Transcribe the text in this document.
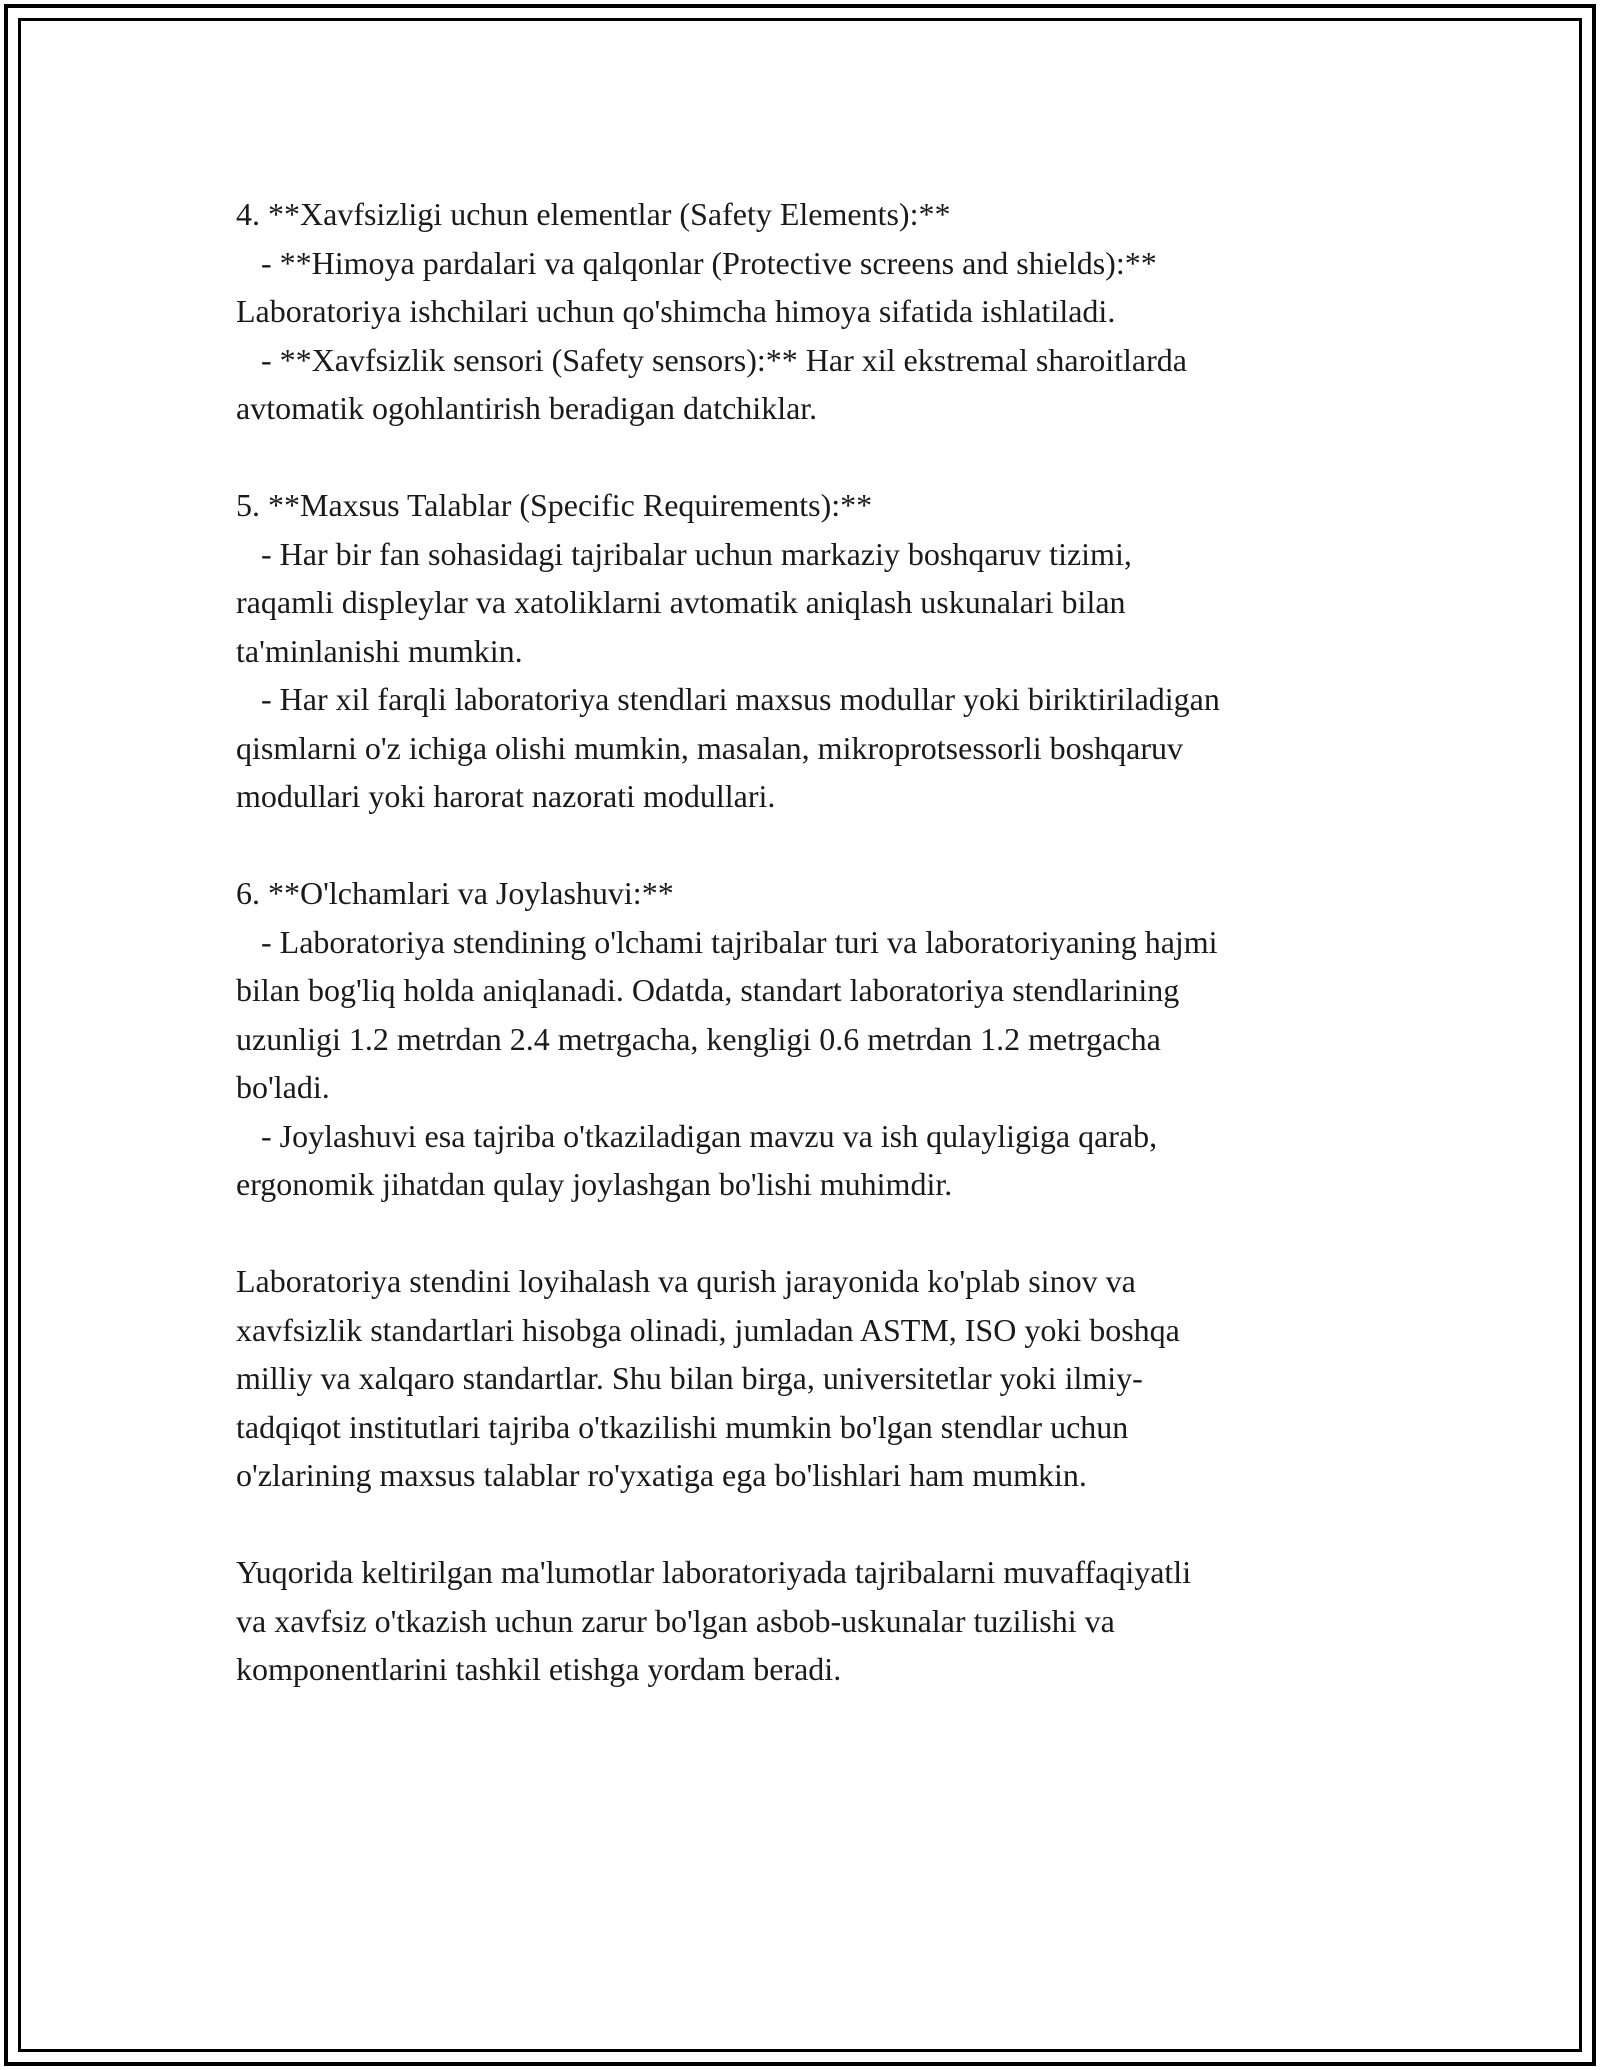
4. **Xavfsizligi uchun elementlar (Safety Elements):**

- **Himoya pardalari va qalqonlar (Protective screens and shields):**

Laboratoriya ishchilari uchun qo'shimcha himoya sifatida ishlatiladi.

- **Xavfsizlik sensori (Safety sensors):** Har xil ekstremal sharoitlarda

avtomatik ogohlantirish beradigan datchiklar.

5. **Maxsus Talablar (Specific Requirements):**

- Har bir fan sohasidagi tajribalar uchun markaziy boshqaruv tizimi,

raqamli displeylar va xatoliklarni avtomatik aniqlash uskunalari bilan

ta'minlanishi mumkin.

- Har xil farqli laboratoriya stendlari maxsus modullar yoki biriktiriladigan

qismlarni o'z ichiga olishi mumkin, masalan, mikroprotsessorli boshqaruv

modullari yoki harorat nazorati modullari.

6. **O'lchamlari va Joylashuvi:**

- Laboratoriya stendining o'lchami tajribalar turi va laboratoriyaning hajmi

bilan bog'liq holda aniqlanadi. Odatda, standart laboratoriya stendlarining

uzunligi 1.2 metrdan 2.4 metrgacha, kengligi 0.6 metrdan 1.2 metrgacha

bo'ladi.

- Joylashuvi esa tajriba o'tkaziladigan mavzu va ish qulayligiga qarab,

ergonomik jihatdan qulay joylashgan bo'lishi muhimdir.

Laboratoriya stendini loyihalash va qurish jarayonida ko'plab sinov va

xavfsizlik standartlari hisobga olinadi, jumladan ASTM, ISO yoki boshqa

milliy va xalqaro standartlar. Shu bilan birga, universitetlar yoki ilmiy-

tadqiqot institutlari tajriba o'tkazilishi mumkin bo'lgan stendlar uchun

o'zlarining maxsus talablar ro'yxatiga ega bo'lishlari ham mumkin.

Yuqorida keltirilgan ma'lumotlar laboratoriyada tajribalarni muvaffaqiyatli

va xavfsiz o'tkazish uchun zarur bo'lgan asbob-uskunalar tuzilishi va

komponentlarini tashkil etishga yordam beradi.
